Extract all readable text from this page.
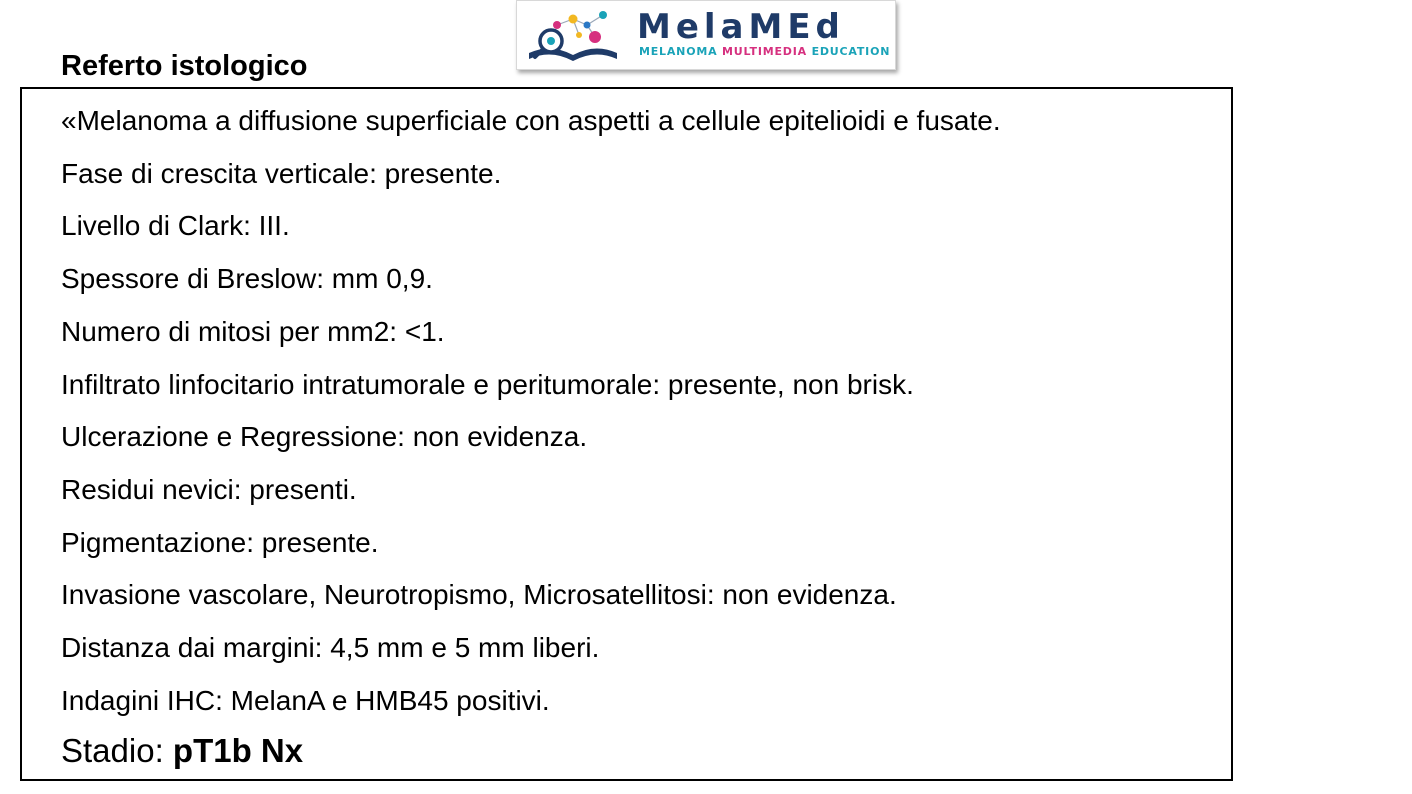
Referto istologico
MelaMEd
MELANOMA MULTIMEDIA EDUCATION
«Melanoma a diffusione superficiale con aspetti a cellule epitelioidi e fusate.
Fase di crescita verticale: presente.
Livello di Clark: III.
Spessore di Breslow: mm 0,9.
Numero di mitosi per mm2: <1.
Infiltrato linfocitario intratumorale e peritumorale: presente, non brisk.
Ulcerazione e Regressione: non evidenza.
Residui nevici: presenti.
Pigmentazione: presente.
Invasione vascolare, Neurotropismo, Microsatellitosi: non evidenza.
Distanza dai margini: 4,5 mm e 5 mm liberi.
Indagini IHC: MelanA e HMB45 positivi.
Stadio: pT1b Nx
